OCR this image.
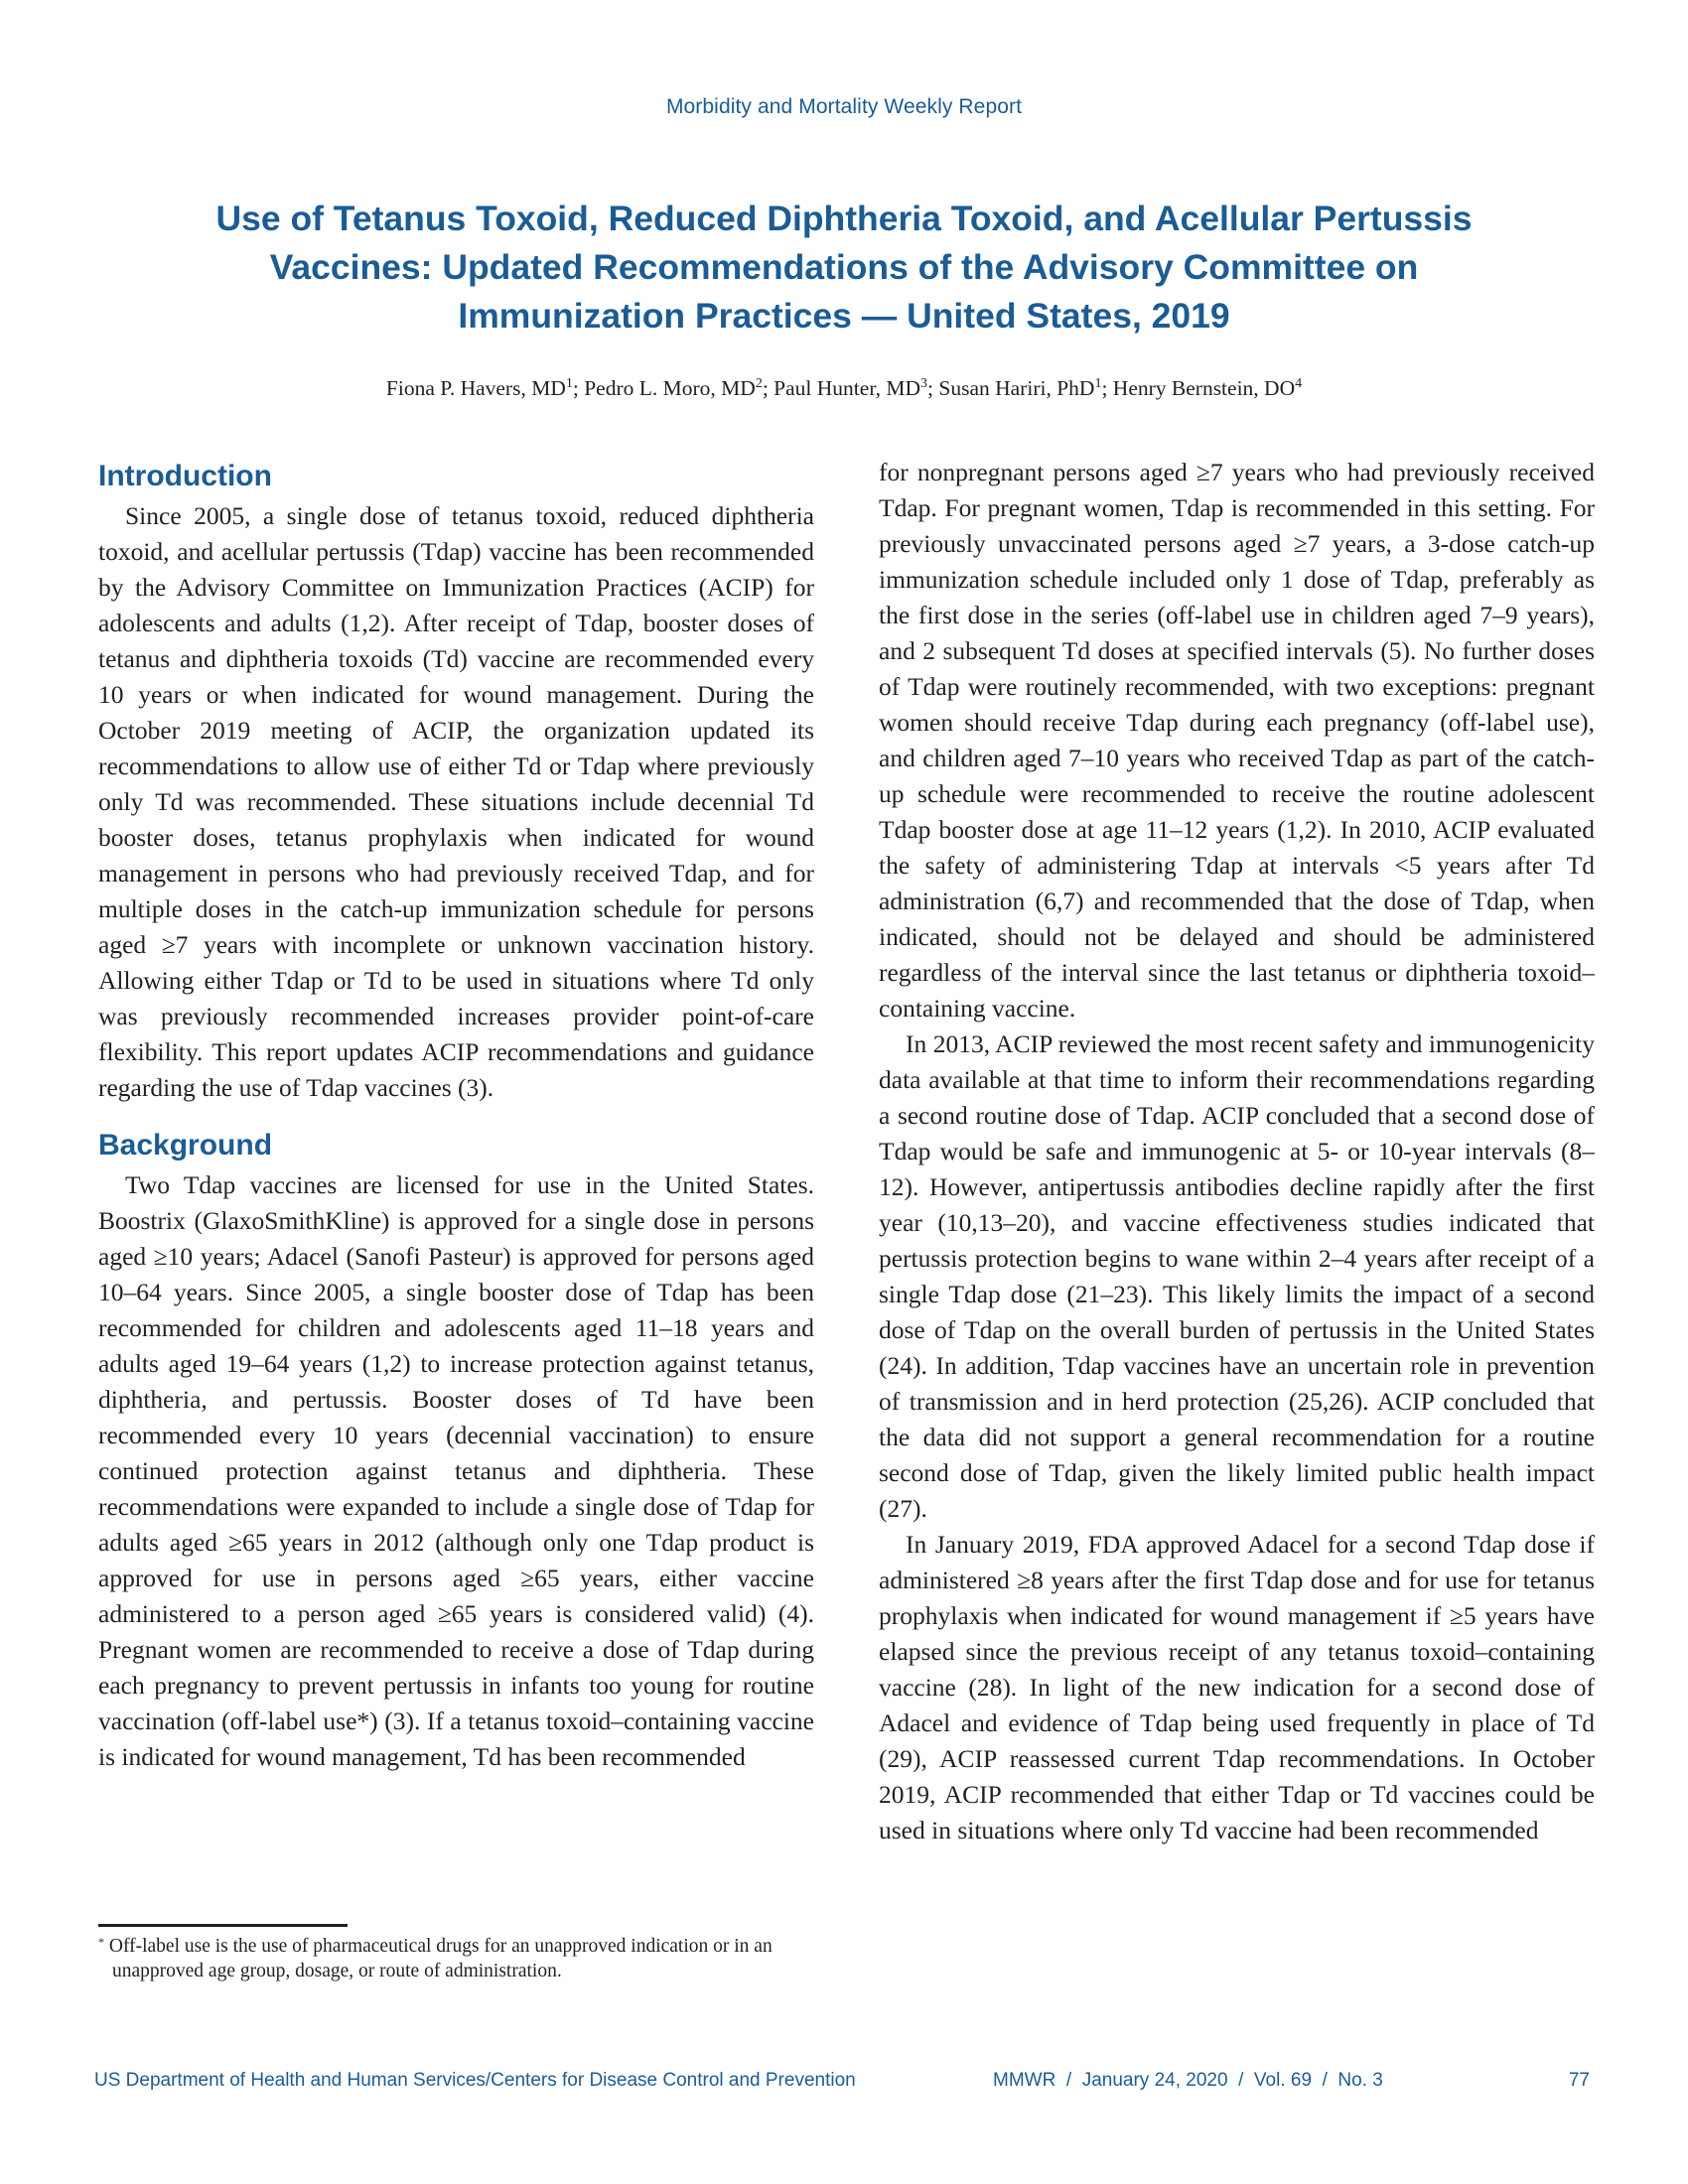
Morbidity and Mortality Weekly Report
Use of Tetanus Toxoid, Reduced Diphtheria Toxoid, and Acellular Pertussis
Vaccines: Updated Recommendations of the Advisory Committee on
Immunization Practices — United States, 2019
Fiona P. Havers, $MD^1$; Pedro L. Moro, $MD^2$; Paul Hunter, $MD^3$; Susan Hariri, PhD$^1$; Henry Bernstein, $DO^4$
Introduction

Since 2005, a single dose of tetanus toxoid, reduced diphtheria toxoid, and acellular pertussis (Tdap) vaccine has been recommended by the Advisory Committee on Immunization Practices (ACIP) for adolescents and adults (1,2). After receipt of Tdap, booster doses of tetanus and diphtheria toxoids (Td) vaccine are recommended every 10 years or when indicated for wound management. During the October 2019 meeting of ACIP, the organization updated its recommendations to allow use of either Td or Tdap where previously only Td was recommended. These situations include decennial Td booster doses, tetanus prophylaxis when indicated for wound management in persons who had previously received Tdap, and for multiple doses in the catch-up immunization schedule for persons aged ≥7 years with incomplete or unknown vaccination history. Allowing either Tdap or Td to be used in situations where Td only was previously recommended increases provider point-of-care flexibility. This report updates ACIP recommendations and guidance regarding the use of Tdap vaccines (3).

Background

Two Tdap vaccines are licensed for use in the United States. Boostrix (GlaxoSmithKline) is approved for a single dose in persons aged ≥10 years; Adacel (Sanofi Pasteur) is approved for persons aged 10–64 years. Since 2005, a single booster dose of Tdap has been recommended for children and adolescents aged 11–18 years and adults aged 19–64 years (1,2) to increase protection against tetanus, diphtheria, and pertussis. Booster doses of Td have been recommended every 10 years (decennial vaccination) to ensure continued protection against tetanus and diphtheria. These recommendations were expanded to include a single dose of Tdap for adults aged ≥65 years in 2012 (although only one Tdap product is approved for use in persons aged ≥65 years, either vaccine administered to a person aged ≥65 years is considered valid) (4). Pregnant women are recommended to receive a dose of Tdap during each pregnancy to prevent pertussis in infants too young for routine vaccination (off-label use*) (3). If a tetanus toxoid–containing vaccine is indicated for wound management, Td has been recommended

for nonpregnant persons aged ≥7 years who had previously received Tdap. For pregnant women, Tdap is recommended in this setting. For previously unvaccinated persons aged ≥7 years, a 3-dose catch-up immunization schedule included only 1 dose of Tdap, preferably as the first dose in the series (off-label use in children aged 7–9 years), and 2 subsequent Td doses at specified intervals (5). No further doses of Tdap were routinely recommended, with two exceptions: pregnant women should receive Tdap during each pregnancy (off-label use), and children aged 7–10 years who received Tdap as part of the catch-up schedule were recommended to receive the routine adolescent Tdap booster dose at age 11–12 years (1,2). In 2010, ACIP evaluated the safety of administering Tdap at intervals <5 years after Td administration (6,7) and recommended that the dose of Tdap, when indicated, should not be delayed and should be administered regardless of the interval since the last tetanus or diphtheria toxoid–containing vaccine.

In 2013, ACIP reviewed the most recent safety and immunogenicity data available at that time to inform their recommendations regarding a second routine dose of Tdap. ACIP concluded that a second dose of Tdap would be safe and immunogenic at 5- or 10-year intervals (8–12). However, antipertussis antibodies decline rapidly after the first year (10,13–20), and vaccine effectiveness studies indicated that pertussis protection begins to wane within 2–4 years after receipt of a single Tdap dose (21–23). This likely limits the impact of a second dose of Tdap on the overall burden of pertussis in the United States (24). In addition, Tdap vaccines have an uncertain role in prevention of transmission and in herd protection (25,26). ACIP concluded that the data did not support a general recommendation for a routine second dose of Tdap, given the likely limited public health impact (27).

In January 2019, FDA approved Adacel for a second Tdap dose if administered ≥8 years after the first Tdap dose and for use for tetanus prophylaxis when indicated for wound management if ≥5 years have elapsed since the previous receipt of any tetanus toxoid–containing vaccine (28). In light of the new indication for a second dose of Adacel and evidence of Tdap being used frequently in place of Td (29), ACIP reassessed current Tdap recommendations. In October 2019, ACIP recommended that either Tdap or Td vaccines could be used in situations where only Td vaccine had been recommended

* Off-label use is the use of pharmaceutical drugs for an unapproved indication or in an unapproved age group, dosage, or route of administration.
US Department of Health and Human Services/Centers for Disease Control and Prevention	MMWR  /  January 24, 2020  /  Vol. 69  /  No. 3	77
